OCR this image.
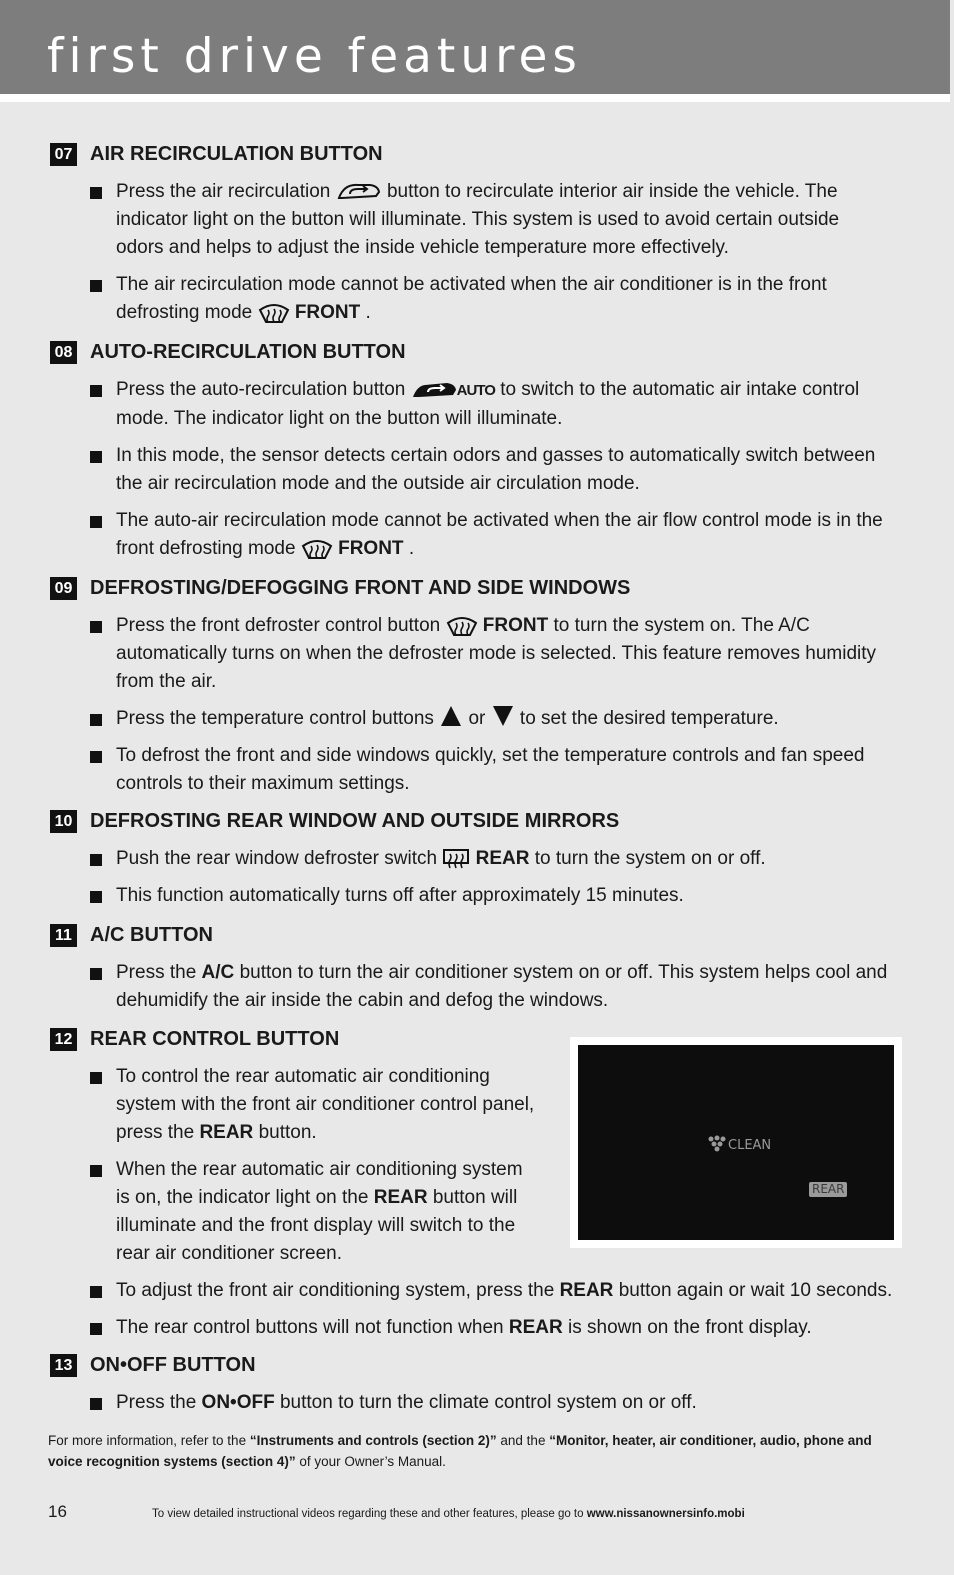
first drive features
07 AIR RECIRCULATION BUTTON
Press the air recirculation	button to recirculate interior air inside the vehicle. The indicator light on the button will illuminate. This system is used to avoid certain outside odors and helps to adjust the inside vehicle temperature more effectively.
The air recirculation mode cannot be activated when the air conditioner is in the front defrosting mode FRONT .
08 AUTO-RECIRCULATION BUTTON
Press the auto-recirculation button	AUTO to switch to the automatic air intake control mode. The indicator light on the button will illuminate.
In this mode, the sensor detects certain odors and gasses to automatically switch between the air recirculation mode and the outside air circulation mode.
The auto-air recirculation mode cannot be activated when the air flow control mode is in the front defrosting mode FRONT .
09 DEFROSTING/DEFOGGING FRONT AND SIDE WINDOWS
Press the front defroster control button FRONT to turn the system on. The A/C automatically turns on when the defroster mode is selected. This feature removes humidity from the air.
Press the temperature control buttons or to set the desired temperature.
To defrost the front and side windows quickly, set the temperature controls and fan speed controls to their maximum settings.
10 DEFROSTING REAR WINDOW AND OUTSIDE MIRRORS
Push the rear window defroster switch REAR to turn the system on or off.
This function automatically turns off after approximately 15 minutes.
11 A/C BUTTON
Press the A/C button to turn the air conditioner system on or off. This system helps cool and dehumidify the air inside the cabin and defog the windows.
12 REAR CONTROL BUTTON
To control the rear automatic air conditioning system with the front air conditioner control panel, press the REAR button.
When the rear automatic air conditioning system is on, the indicator light on the REAR button will illuminate and the front display will switch to the rear air conditioner screen.
CLEAN
REAR
To adjust the front air conditioning system, press the REAR button again or wait 10 seconds.
The rear control buttons will not function when REAR is shown on the front display.
13 ON•OFF BUTTON
Press the ON•OFF button to turn the climate control system on or off.
For more information, refer to the “Instruments and controls (section 2)” and the “Monitor, heater, air conditioner, audio, phone and voice recognition systems (section 4)” of your Owner’s Manual.
16	To view detailed instructional videos regarding these and other features, please go to www.nissanownersinfo.mobi
